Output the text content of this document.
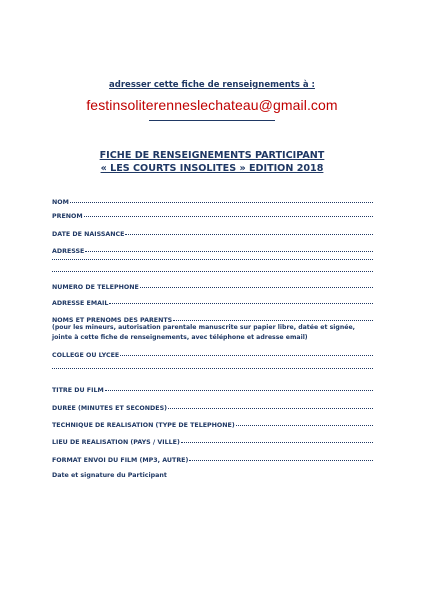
adresser cette fiche de renseignements à :
festinsoliterenneslechateau@gmail.com
FICHE DE RENSEIGNEMENTS PARTICIPANT
« LES COURTS INSOLITES » EDITION 2018
NOM
PRENOM
DATE DE NAISSANCE
ADRESSE
NUMERO DE TELEPHONE
ADRESSE EMAIL
NOMS ET PRENOMS DES PARENTS
(pour les mineurs, autorisation parentale manuscrite sur papier libre, datée et signée, jointe à cette fiche de renseignements, avec téléphone et adresse email)
COLLEGE OU LYCEE
TITRE DU FILM
DUREE (MINUTES ET SECONDES)
TECHNIQUE DE REALISATION (TYPE DE TELEPHONE)
LIEU DE REALISATION (PAYS / VILLE)
FORMAT ENVOI DU FILM (MP3, AUTRE)
Date et signature du Participant
